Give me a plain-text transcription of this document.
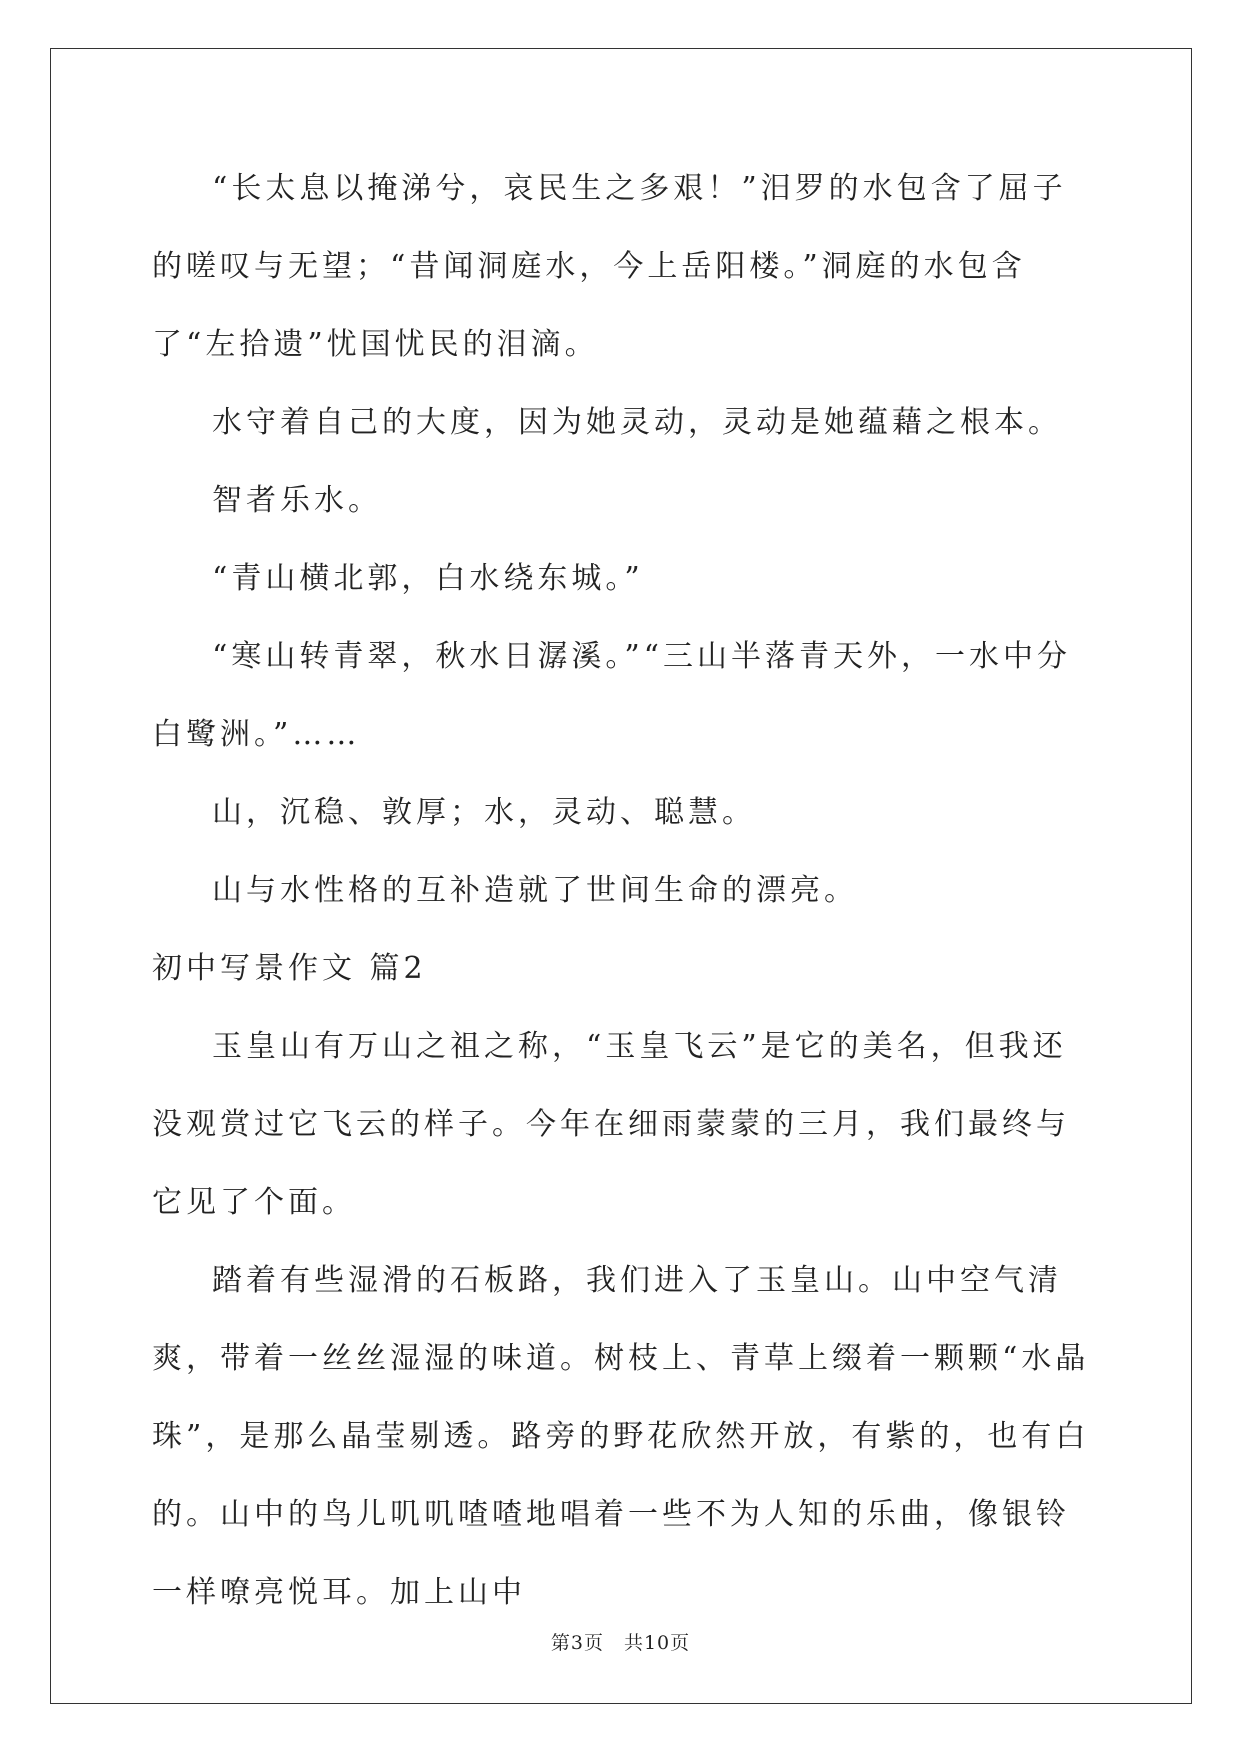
“长太息以掩涕兮，哀民生之多艰！”汨罗的水包含了屈子的嗟叹与无望；“昔闻洞庭水，今上岳阳楼。”洞庭的水包含了“左拾遗”忧国忧民的泪滴。

水守着自己的大度，因为她灵动，灵动是她蕴藉之根本。

智者乐水。

“青山横北郭，白水绕东城。”

“寒山转青翠，秋水日潺溪。”“三山半落青天外，一水中分白鹭洲。”……

山，沉稳、敦厚；水，灵动、聪慧。

山与水性格的互补造就了世间生命的漂亮。

初中写景作文 篇2

玉皇山有万山之祖之称，“玉皇飞云”是它的美名，但我还没观赏过它飞云的样子。今年在细雨蒙蒙的三月，我们最终与它见了个面。

踏着有些湿滑的石板路，我们进入了玉皇山。山中空气清爽，带着一丝丝湿湿的味道。树枝上、青草上缀着一颗颗“水晶珠”，是那么晶莹剔透。路旁的野花欣然开放，有紫的，也有白的。山中的鸟儿叽叽喳喳地唱着一些不为人知的乐曲，像银铃一样嘹亮悦耳。加上山中

第3页　共10页
